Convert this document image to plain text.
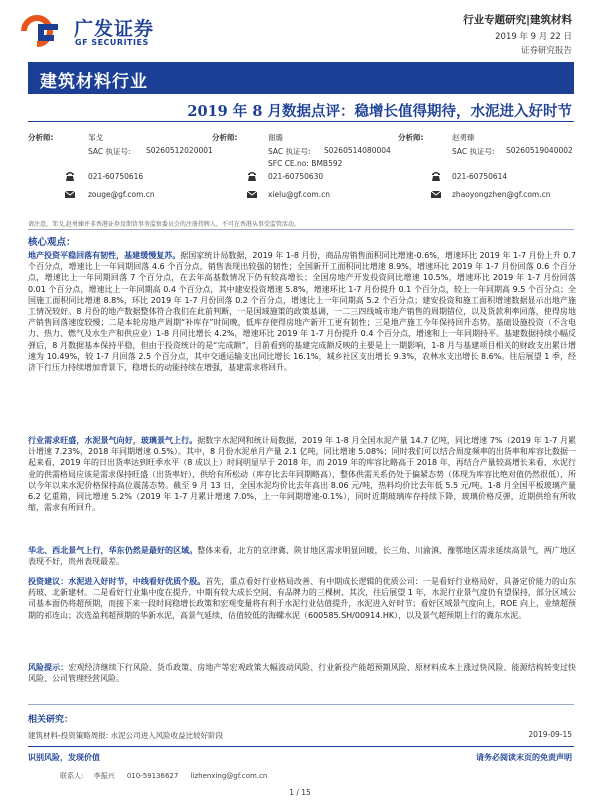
广发证券
GF SECURITIES
行业专题研究|建筑材料
2019 年 9 月 22 日
证券研究报告
建筑材料行业
2019 年 8 月数据点评：稳增长值得期待，水泥进入好时节
分析师:	邹戈
SAC 执证号: S0260512020001
021-60750616
zouge@gf.com.cn
分析师:	谢璐
SAC 执证号: S0260514080004
SFC CE.no: BMB592
021-60750630
xielu@gf.com.cn
分析师:	赵勇臻
SAC 执证号: S0260519040002
021-60750614
zhaoyongzhen@gf.com.cn
请注意，邹戈,赵勇臻并非香港证券及期货事务监察委员会的注册持牌人，不可在香港从事受监管活动。
核心观点：
地产投资平稳回落有韧性，基建缓慢复苏。据国家统计局数据，2019 年 1-8 月份，商品房销售面积同比增速-0.6%，增速环比 2019 年 1-7 月份上升 0.7 个百分点，增速比上一年同期回落 4.6 个百分点，销售表现出较强的韧性；全国新开工面积同比增速 8.9%，增速环比 2019 年 1-7 月份回落 0.6 个百分点，增速比上一年同期回落 7 个百分点，在去年高基数情况下仍有较高增长；全国房地产开发投资同比增速 10.5%，增速环比 2019 年 1-7 月份回落 0.01 个百分点，增速比上一年同期高 0.4 个百分点，其中建安投资增速 5.8%，增速环比 1-7 月份提升 0.1 个百分点，较上一年同期高 9.5 个百分点；全国施工面积同比增速 8.8%，环比 2019 年 1-7 月份回落 0.2 个百分点，增速比上一年同期高 5.2 个百分点；建安投资和施工面积增速数据显示出地产施工情况较好。8 月份的地产数据整体符合我们在此前判断，一是国域施策的政策基调，一二三四线城市地产销售的周期错位，以及货款利率回落，使得房地产销售回落速度较慢；二是本轮房地产周期“补库存”时间晚，低库存使得房地产新开工更有韧性；三是地产施工今年保持回升态势。基础设施投资（不含电力、热力、燃气及水生产和供应业）1-8 月同比增长 4.2%，增速环比 2019 年 1-7 月份提升 0.4 个百分点，增速和上一年同期持平。基建数据持续小幅反弹后，8 月数据基本保持平稳，但由于投资统计的是“完成额”，目前看到的基建完成额反映的主要是上一期影响，1-8 月与基建项目相关的财政支出累计增速为 10.49%，较 1-7 月回落 2.5 个百分点，其中交通运输支出同比增长 16.1%，城乡社区支出增长 9.3%，农林水支出增长 8.6%。往后展望 1 季，经济下行压力持续增加背景下，稳增长的动能持续在增强，基建需求将回升。
行业需求旺盛，水泥景气向好，玻璃景气上行。据数字水泥网和统计局数据，2019 年 1-8 月全国水泥产量 14.7 亿吨，同比增速 7%（2019 年 1-7 月累计增速 7.23%，2018 年同期增速 0.5%）。其中，8 月份水泥单月产量 2.1 亿吨，同比增速 5.08%；同时我们可以结合周度频率的出货率和库容比数据一起来看，2019 年的日出货率达到旺季水平（8 成以上）时间明显早于 2018 年，而 2019 年的库容比略高于 2018 年，再结合产量较高增长来看，水泥行业的供需格局应该是需求保持旺盛（出货率好），供给有所松动（库存比去年同期略高），整体供需关系仍处于偏紧态势（体现为库容比绝对值仍然很低），所以今年以来水泥价格保持高位震荡态势。截至 9 月 13 日，全国水泥均价比去年高出 8.06 元/吨，热料均价比去年低 5.5 元/吨。1-8 月全国平板玻璃产量 6.2 亿重箱，同比增速 5.2%（2019 年 1-7 月累计增速 7.0%，上一年同期增速-0.1%），同时近期玻璃库存持续下降，玻璃价格反弹，近期供给有所收缩，需求有所回升。
华北、西北景气上行，华东仍然是最好的区域。整体来看，北方的京津冀、陕甘地区需求明显回暖，长三角、川渝滇、豫鄂地区需求延续高景气，两广地区表现不好，贵州表现最差。
投资建议：水泥进入好时节，中线看好优质个股。首先，重点看好行业格局改善、有中期成长逻辑的优质公司：一是看好行业格局好，具备定价能力的山东药玻、北新建材。二是看好行业集中度在提升，中期有较大成长空间、有品牌力的三棵树、其次，往后展望 1 年，水泥行业景气度仍有望保持，部分区域公司基本面仍将超预期，而接下来一段时间稳增长政策和宏观变量将有利于水泥行业估值提升，水泥进入好时节；看好区域景气度向上，ROE 向上，业绩超预期的祁连山；次选盈利超预期的华新水泥，高景气延续，估值较低的海螺水泥（600585.SH/00914.HK），以及景气超预期上行的冀东水泥。
风险提示：宏观经济继续下行风险、货币政策、房地产等宏观政策大幅波动风险、行业新投产能超预期风险、原材料成本上涨过快风险、能源结构转变过快风险、公司管理经营风险。
相关研究：
建筑材料-投资策略周报: 水泥公司进入风险收益比较好阶段	2019-09-15
识别风险，发现价值	请务必阅读末页的免责声明
联系人: 李振兴 010-59136627 lizhenxing@gf.com.cn
1 / 15
